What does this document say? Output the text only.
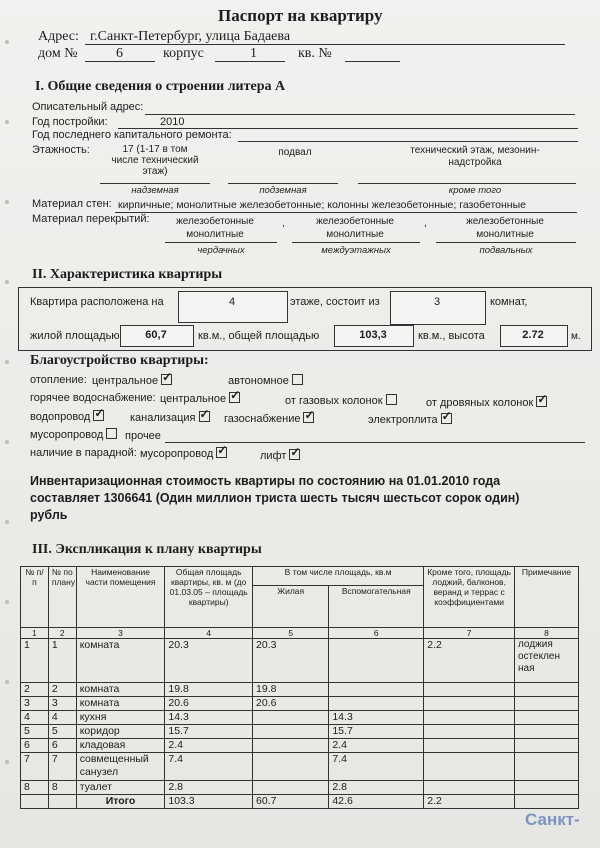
Паспорт на квартиру
Адрес: г.Санкт-Петербург, улица Бадаева
дом №	6	корпус	1	кв. №
I. Общие сведения о строении литера А
Описательный адрес:
Год постройки:	2010
Год последнего капитального ремонта:
Этажность:	17 (1-17 в том
числе технический
этаж)
подвал	технический этаж, мезонин-
надстройка
надземная	подземная	кроме того
Материал стен: кирпичные; монолитные железобетонные; колонны железобетонные; газобетонные
Материал перекрытий:	железобетонные
монолитные
железобетонные
монолитные
железобетонные
монолитные
,	,
чердачных	междуэтажных	подвальных
II. Характеристика квартиры
Квартира расположена на	4	этаже, состоит из	3	комнат,
жилой площадью	60,7	кв.м., общей площадью	103,3	кв.м., высота	2.72	м.
Благоустройство квартиры:
отопление: центральное ✓	автономное
горячее водоснабжение: центральное ✓	от газовых колонок	от дровяных колонок✓
водопровод ✓	канализация ✓	газоснабжение ✓	электроплита✓
мусоропровод	прочее
наличие в парадной: мусоропровод ✓	лифт✓
Инвентаризационная стоимость квартиры по состоянию на 01.01.2010 года
составляет 1306641 (Один миллион триста шесть тысяч шестьсот сорок один)
рубль
III. Экспликация к плану квартиры
№ п/п	№ по плану	Наименование части помещения	Общая площадь квартиры, кв. м (до 01.03.05 – площадь квартиры)	В том числе площадь, кв.м		Кроме того, площадь лоджий, балконов, веранд и террас с коэффициентами	Примечание
				Жилая	Вспомогательная		
1	2	3	4	5	6	7	8
1	1	комната	20.3	20.3		2.2	лоджия остеклен ная
2	2	комната	19.8	19.8			
3	3	комната	20.6	20.6			
4	4	кухня	14.3		14.3		
5	5	коридор	15.7		15.7		
6	6	кладовая	2.4		2.4		
7	7	совмещенный санузел	7.4		7.4		
8	8	туалет	2.8		2.8		
		Итого	103.3	60.7	42.6	2.2	
Санкт-
